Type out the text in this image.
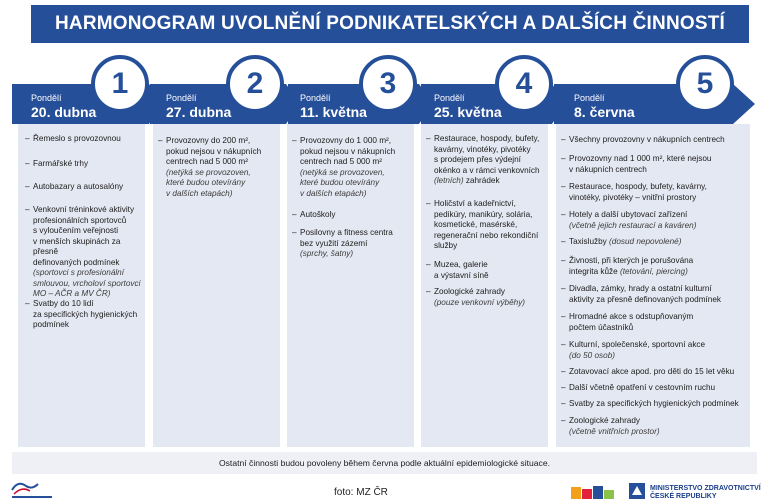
HARMONOGRAM UVOLNĚNÍ PODNIKATELSKÝCH A DALŠÍCH ČINNOSTÍ
1	2	3	4	5
Pondělí
20. dubna
Pondělí
27. dubna
Pondělí
11. května
Pondělí
25. května
Pondělí
8. června
– Řemeslo s provozovnou
– Farmářské trhy
– Autobazary a autosalóny
– Venkovní tréninkové aktivity
profesionálních sportovců
s vyloučením veřejnosti
v menších skupinách za přesně
definovaných podmínek
(sportovci s profesionální
smlouvou, vrcholoví sportovci
MO – AČR a MV ČR)
– Svatby do 10 lidí
za specifických hygienických
podmínek
– Provozovny do 200 m²,
pokud nejsou v nákupních
centrech nad 5 000 m²
(netýká se provozoven,
které budou otevírány
v dalších etapách)
– Provozovny do 1 000 m²,
pokud nejsou v nákupních
centrech nad 5 000 m²
(netýká se provozoven,
které budou otevírány
v dalších etapách)
– Autoškoly
– Posilovny a fitness centra
bez využití zázemí
(sprchy, šatny)
– Restaurace, hospody, bufety,
kavárny, vinotéky, pivotéky
s prodejem přes výdejní
okénko a v rámci venkovních
(letních) zahrádek
– Holičství a kadeřnictví,
pedikúry, manikúry, solária,
kosmetické, masérské,
regenerační nebo rekondiční
služby
– Muzea, galerie
a výstavní síně
– Zoologické zahrady
(pouze venkovní výběhy)
– Všechny provozovny v nákupních centrech
– Provozovny nad 1 000 m², které nejsou
v nákupních centrech
– Restaurace, hospody, bufety, kavárny,
vinotéky, pivotéky – vnitřní prostory
– Hotely a další ubytovací zařízení
(včetně jejich restaurací a kaváren)
– Taxislužby (dosud nepovolené)
– Živnosti, při kterých je porušována
integrita kůže (tetování, piercing)
– Divadla, zámky, hrady a ostatní kulturní
aktivity za přesně definovaných podmínek
– Hromadné akce s odstupňovaným
počtem účastníků
– Kulturní, společenské, sportovní akce
(do 50 osob)
– Zotavovací akce apod. pro děti do 15 let věku
– Další včetně opatření v cestovním ruchu
– Svatby za specifických hygienických podmínek
– Zoologické zahrady
(včetně vnitřních prostor)
Ostatní činnosti budou povoleny během června podle aktuální epidemiologické situace.
foto: MZ ČR	MINISTERSTVO ZDRAVOTNICTVÍ
ČESKÉ REPUBLIKY
